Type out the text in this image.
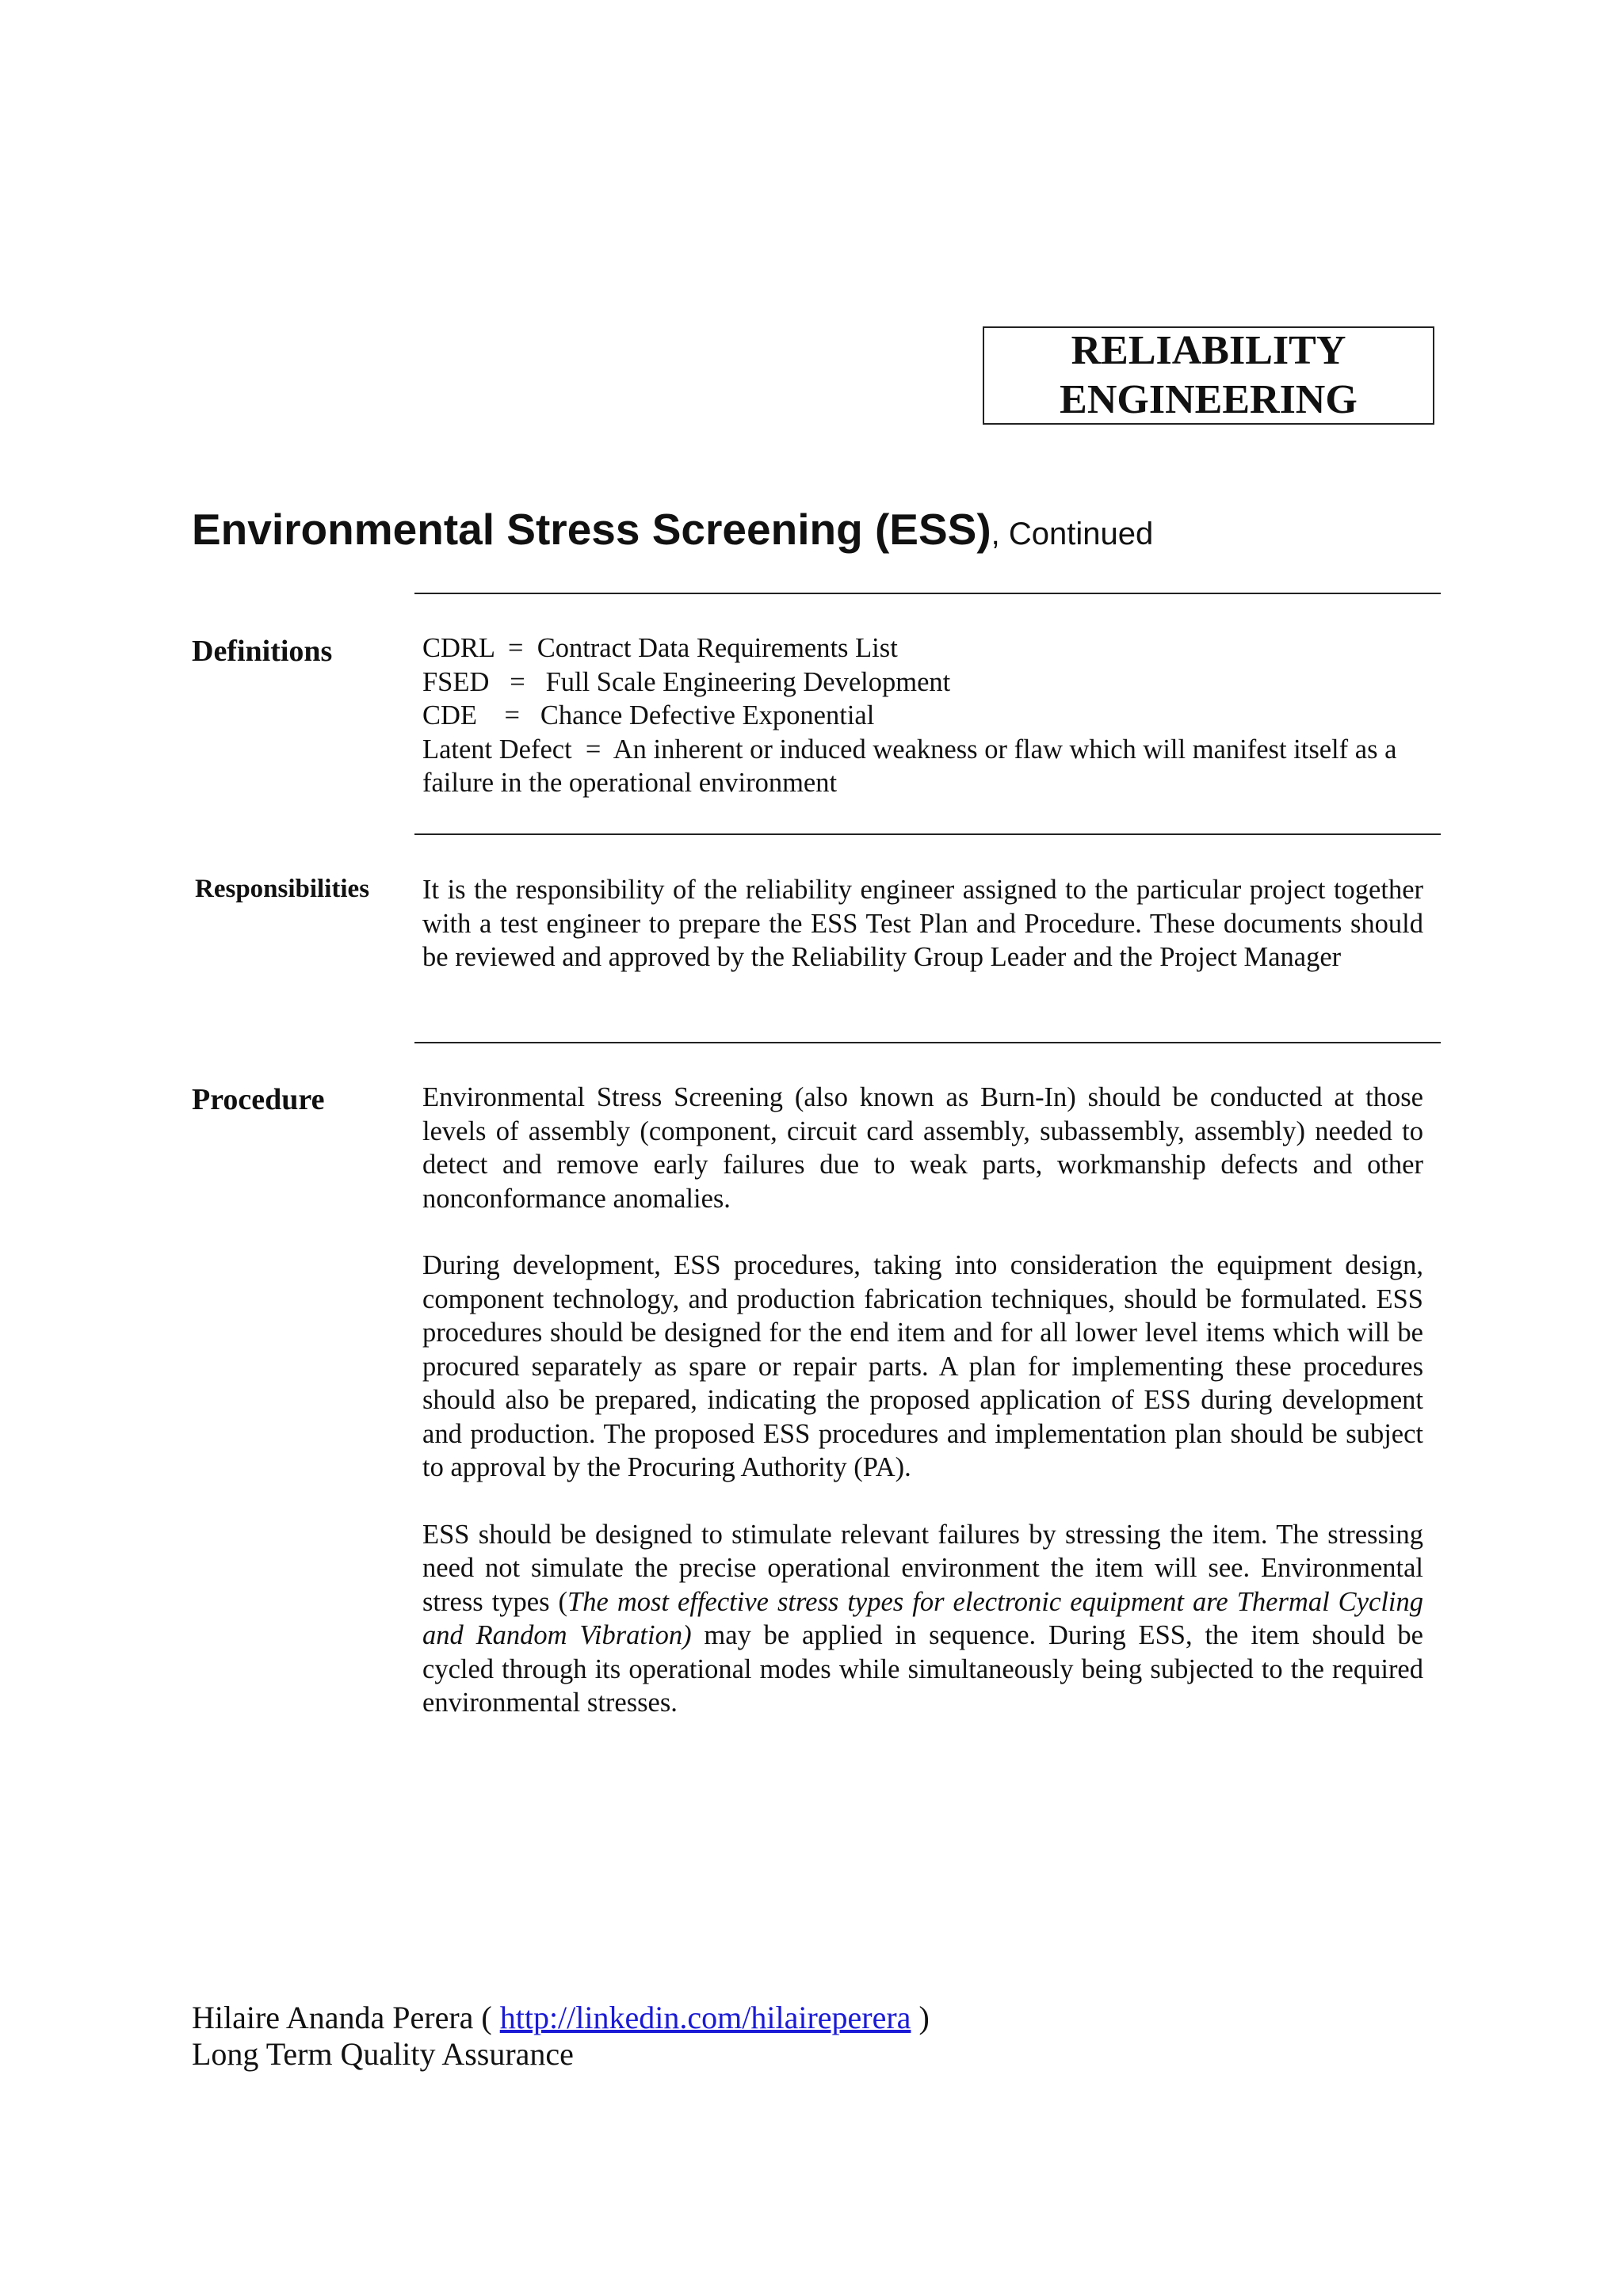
RELIABILITY
ENGINEERING
Environmental Stress Screening (ESS), Continued
Definitions	CDRL  =  Contract Data Requirements List
FSED   =   Full Scale Engineering Development
CDE    =   Chance Defective Exponential
Latent Defect  =  An inherent or induced weakness or flaw which will manifest itself as a failure in the operational environment
Responsibilities It is the responsibility of the reliability engineer assigned to the particular project together with a test engineer to prepare the ESS Test Plan and Procedure. These documents should be reviewed and approved by the Reliability Group Leader and the Project Manager

Procedure	Environmental Stress Screening (also known as Burn-In) should be conducted at those levels of assembly (component, circuit card assembly, subassembly, assembly) needed to detect and remove early failures due to weak parts, workmanship defects and other nonconformance anomalies.

During development, ESS procedures, taking into consideration the equipment design, component technology, and production fabrication techniques, should be formulated. ESS procedures should be designed for the end item and for all lower level items which will be procured separately as spare or repair parts. A plan for implementing these procedures should also be prepared, indicating the proposed application of ESS during development and production. The proposed ESS procedures and implementation plan should be subject to approval by the Procuring Authority (PA).

ESS should be designed to stimulate relevant failures by stressing the item. The stressing need not simulate the precise operational environment the item will see. Environmental stress types (The most effective stress types for electronic equipment are Thermal Cycling and Random Vibration) may be applied in sequence. During ESS, the item should be cycled through its operational modes while simultaneously being subjected to the required environmental stresses.

Hilaire Ananda Perera ( http://linkedin.com/hilaireperera )
Long Term Quality Assurance
